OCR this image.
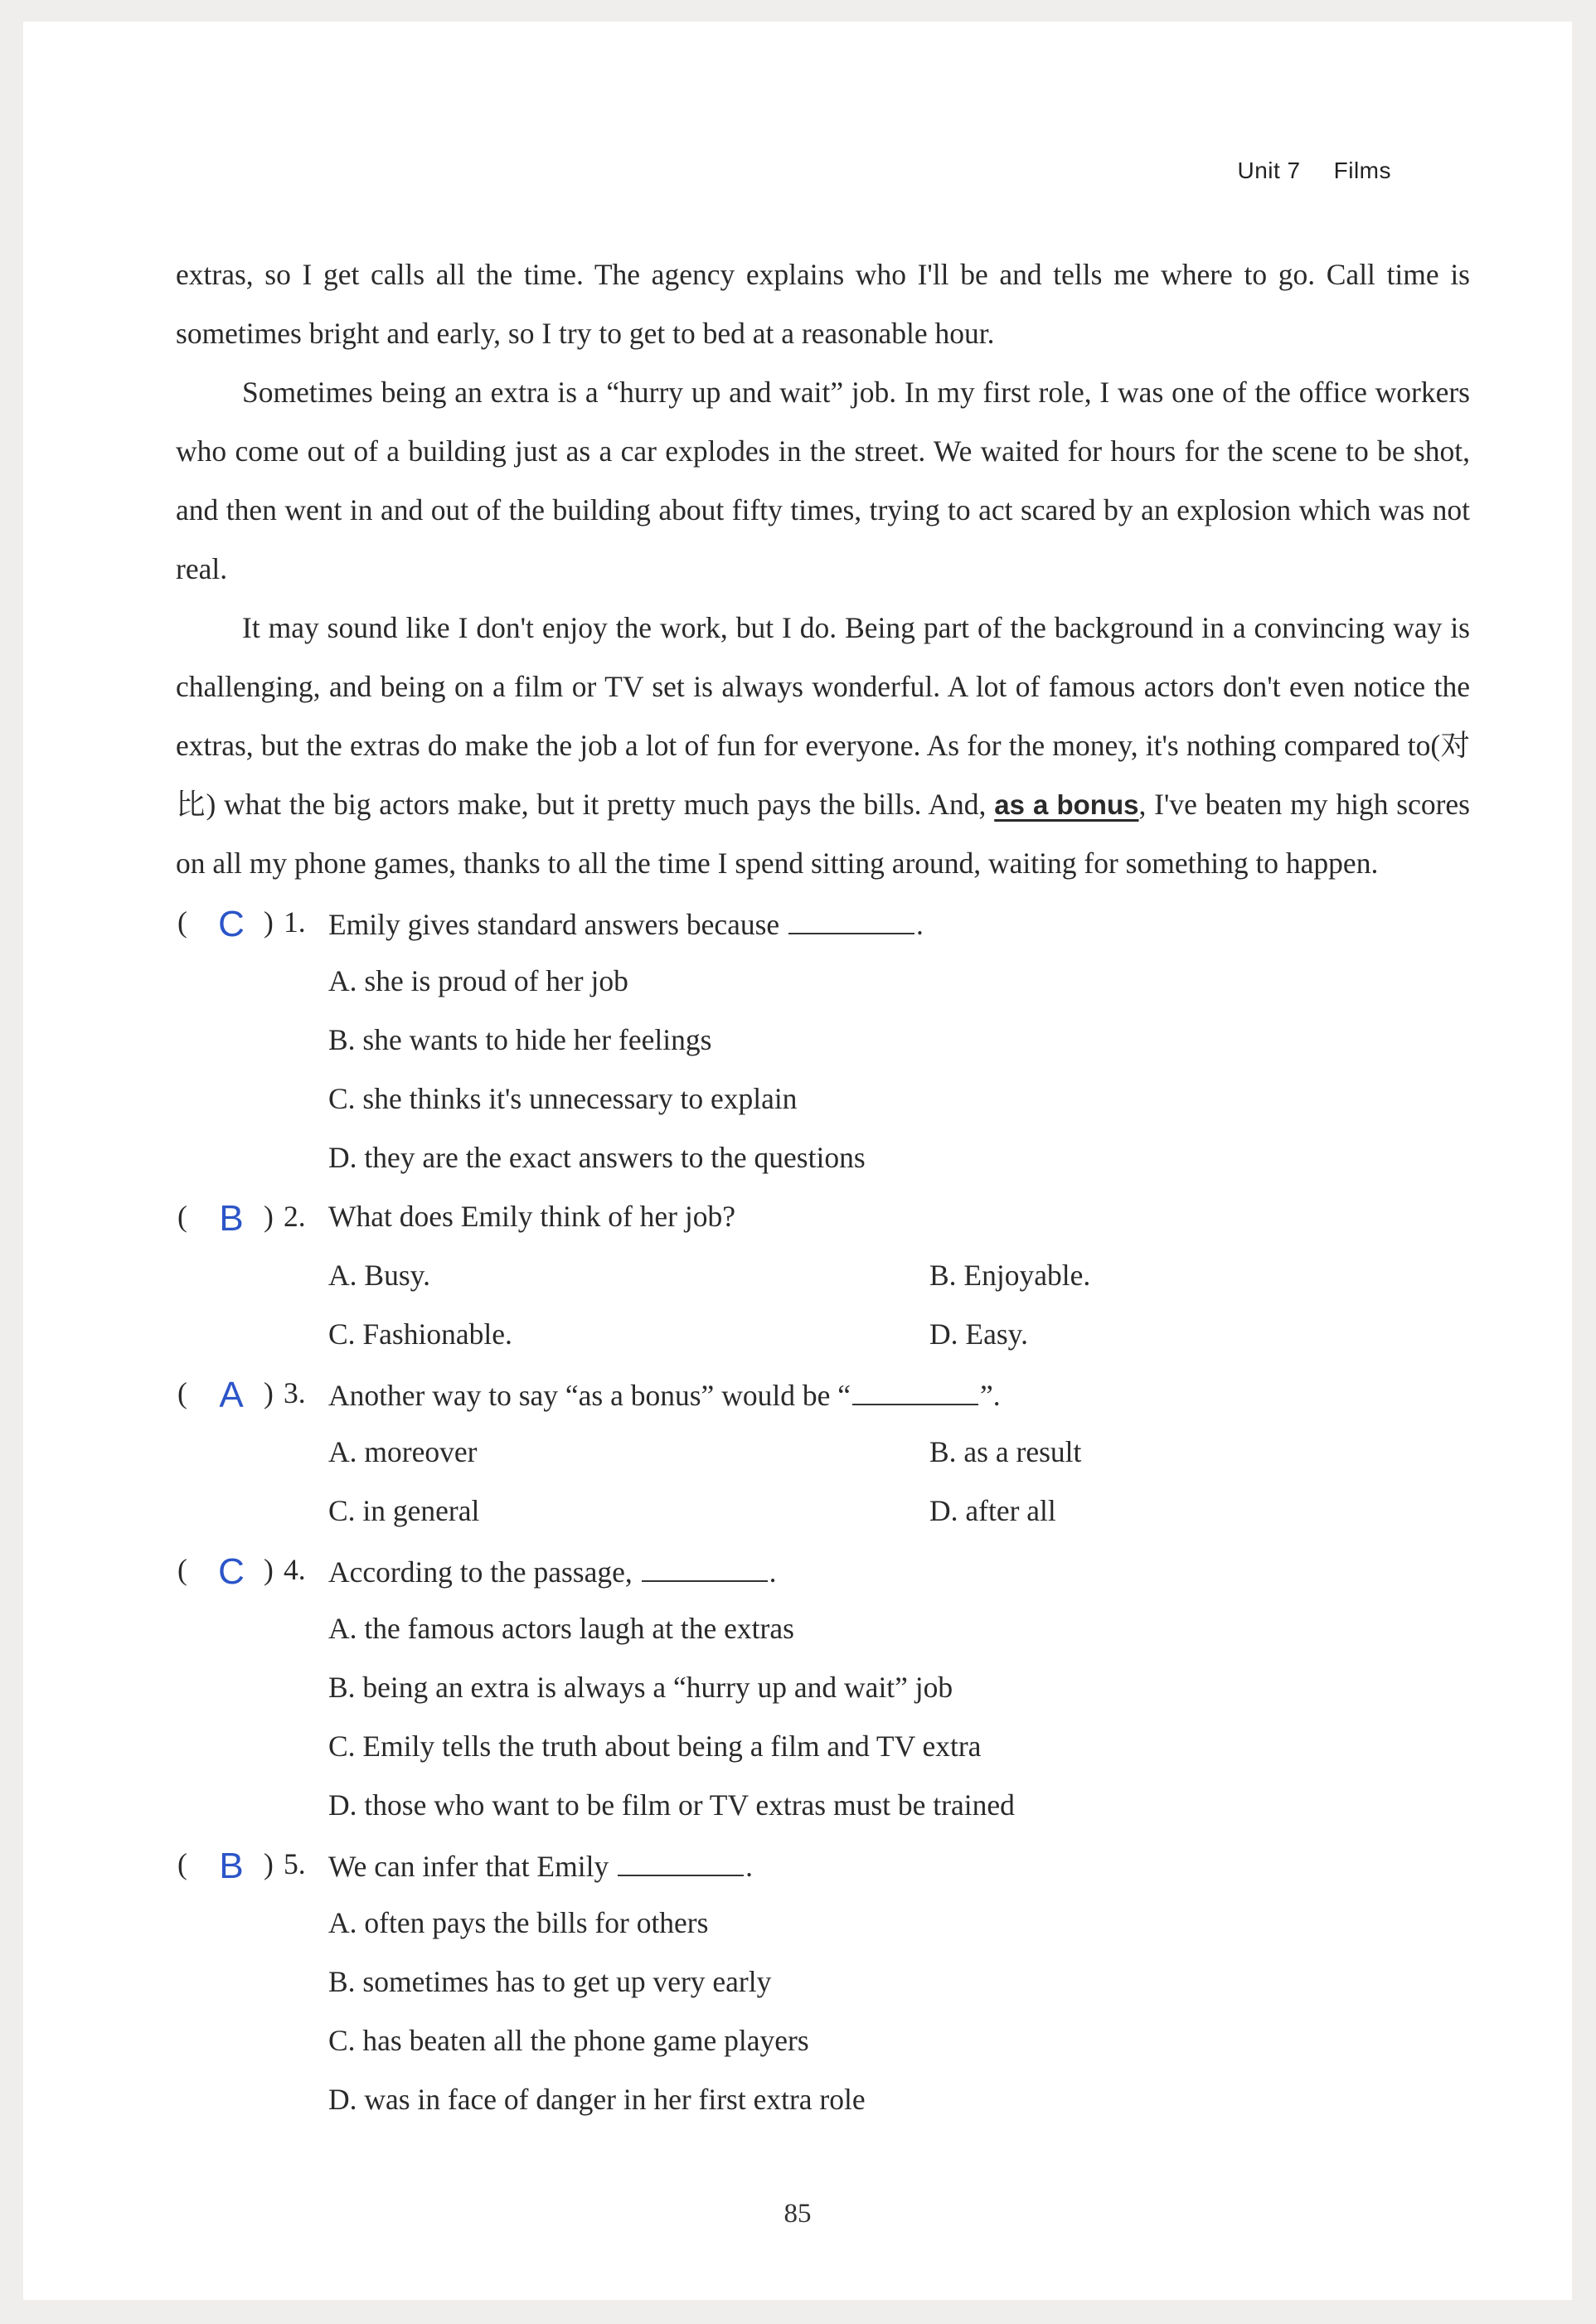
Unit 7 Films

extras, so I get calls all the time. The agency explains who I'll be and tells me where to go. Call time is sometimes bright and early, so I try to get to bed at a reasonable hour.

Sometimes being an extra is a “hurry up and wait” job. In my first role, I was one of the office workers who come out of a building just as a car explodes in the street. We waited for hours for the scene to be shot, and then went in and out of the building about fifty times, trying to act scared by an explosion which was not real.

It may sound like I don't enjoy the work, but I do. Being part of the background in a convincing way is challenging, and being on a film or TV set is always wonderful. A lot of famous actors don't even notice the extras, but the extras do make the job a lot of fun for everyone. As for the money, it's nothing compared to(对比) what the big actors make, but it pretty much pays the bills. And, as a bonus, I've beaten my high scores on all my phone games, thanks to all the time I spend sitting around, waiting for something to happen.

( C ) 1. Emily gives standard answers because	.
A. she is proud of her job
B. she wants to hide her feelings
C. she thinks it's unnecessary to explain
D. they are the exact answers to the questions
( B ) 2. What does Emily think of her job?
A. Busy.	B. Enjoyable.
C. Fashionable.	D. Easy.
( A ) 3. Another way to say “as a bonus” would be “	”.
A. moreover	B. as a result
C. in general	D. after all
( C ) 4. According to the passage,	.
A. the famous actors laugh at the extras
B. being an extra is always a “hurry up and wait” job
C. Emily tells the truth about being a film and TV extra
D. those who want to be film or TV extras must be trained
( B ) 5. We can infer that Emily	.
A. often pays the bills for others
B. sometimes has to get up very early
C. has beaten all the phone game players
D. was in face of danger in her first extra role
85
